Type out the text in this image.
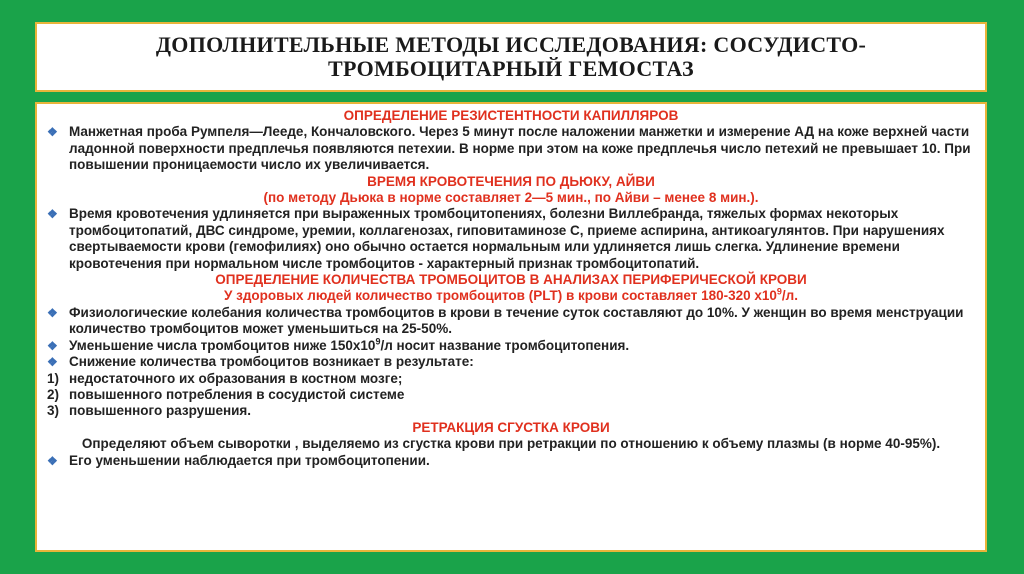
ДОПОЛНИТЕЛЬНЫЕ МЕТОДЫ ИССЛЕДОВАНИЯ: СОСУДИСТО-
ТРОМБОЦИТАРНЫЙ ГЕМОСТАЗ
ОПРЕДЕЛЕНИЕ РЕЗИСТЕНТНОСТИ КАПИЛЛЯРОВ
❖ Манжетная проба Румпеля—Лееде, Кончаловского. Через 5 минут после наложении манжетки и измерение АД на коже верхней части ладонной поверхности предплечья появляются петехии. В норме при этом на коже предплечья число петехий не превышает 10. При повышении проницаемости число их увеличивается.
ВРЕМЯ КРОВОТЕЧЕНИЯ ПО ДЬЮКУ, АЙВИ
(по методу Дьюка в норме составляет 2—5 мин., по Айви – менее 8 мин.).
❖ Время кровотечения удлиняется при выраженных тромбоцитопениях, болезни Виллебранда, тяжелых формах некоторых тромбоцитопатий, ДВС синдроме, уремии, коллагенозах, гиповитаминозе С, приеме аспирина, антикоагулянтов. При нарушениях свертываемости крови (гемофилиях) оно обычно остается нормальным или удлиняется лишь слегка. Удлинение времени кровотечения при нормальном числе тромбоцитов - характерный признак тромбоцитопатий.
ОПРЕДЕЛЕНИЕ КОЛИЧЕСТВА ТРОМБОЦИТОВ В АНАЛИЗАХ ПЕРИФЕРИЧЕСКОЙ КРОВИ
У здоровых людей количество тромбоцитов (PLT) в крови составляет 180-320 $х10^9/л$.
❖ Физиологические колебания количества тромбоцитов в крови в течение суток составляют до 10%. У женщин во время менструации количество тромбоцитов может уменьшиться на 25-50%.
❖ Уменьшение числа тромбоцитов ниже $150х10^9/л$ носит название тромбоцитопения.
❖ Снижение количества тромбоцитов возникает в результате:
1) недостаточного их образования в костном мозге;
2) повышенного потребления в сосудистой системе
3) повышенного разрушения.
РЕТРАКЦИЯ СГУСТКА КРОВИ
Определяют объем сыворотки , выделяемо из сгустка крови при ретракции по отношению к объему плазмы (в норме 40-95%).
❖ Его уменьшении наблюдается при тромбоцитопении.
